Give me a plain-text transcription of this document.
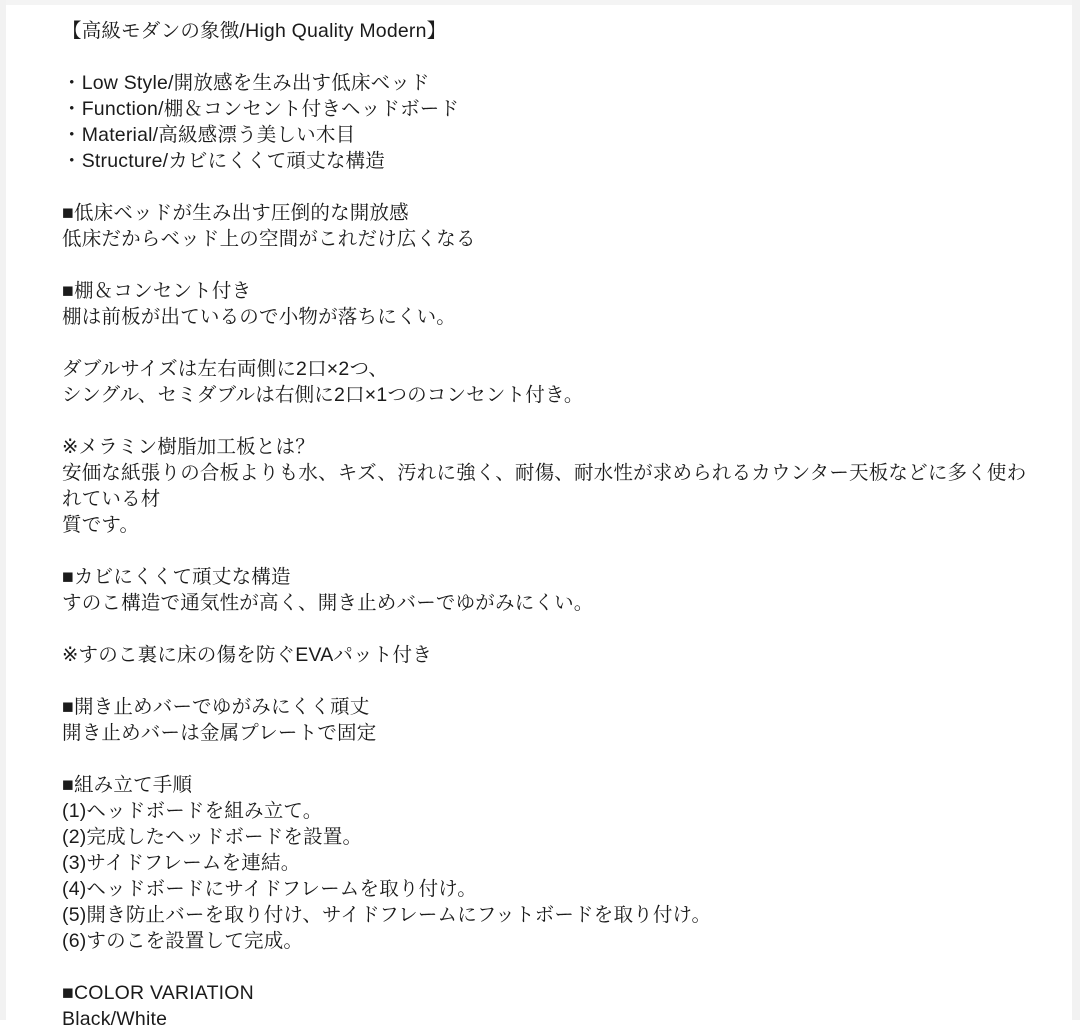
【高級モダンの象徴/High Quality Modern】
・Low Style/開放感を生み出す低床ベッド
・Function/棚＆コンセント付きヘッドボード
・Material/高級感漂う美しい木目
・Structure/カビにくくて頑丈な構造
■低床ベッドが生み出す圧倒的な開放感
低床だからベッド上の空間がこれだけ広くなる
■棚＆コンセント付き
棚は前板が出ているので小物が落ちにくい。
ダブルサイズは左右両側に2口×2つ、
シングル、セミダブルは右側に2口×1つのコンセント付き。
※メラミン樹脂加工板とは？
安価な紙張りの合板よりも水、キズ、汚れに強く、耐傷、耐水性が求められるカウンター天板などに多く使われている材
質です。
■カビにくくて頑丈な構造
すのこ構造で通気性が高く、開き止めバーでゆがみにくい。
※すのこ裏に床の傷を防ぐEVAパット付き
■開き止めバーでゆがみにくく頑丈
開き止めバーは金属プレートで固定
■組み立て手順
(1)ヘッドボードを組み立て。
(2)完成したヘッドボードを設置。
(3)サイドフレームを連結。
(4)ヘッドボードにサイドフレームを取り付け。
(5)開き防止バーを取り付け、サイドフレームにフットボードを取り付け。
(6)すのこを設置して完成。
■COLOR VARIATION
Black/White
